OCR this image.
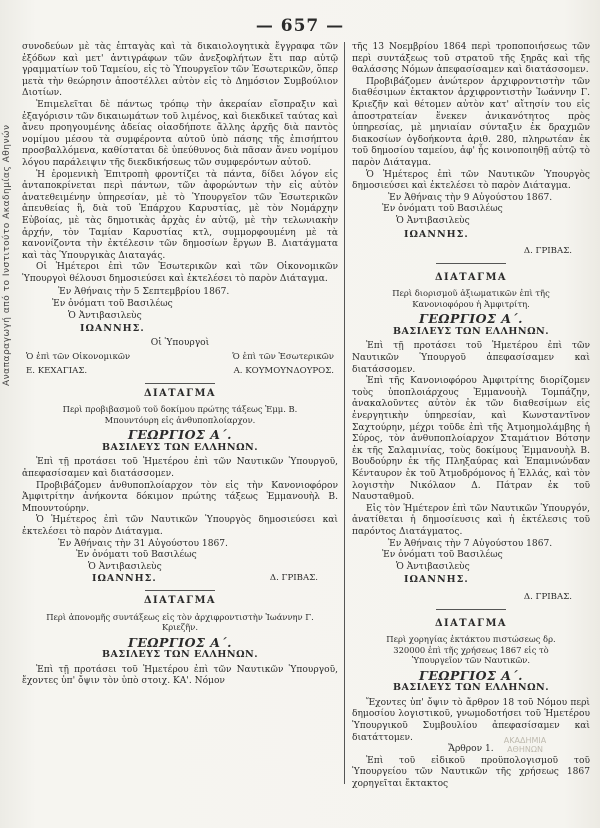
— 657 —
Αναπαραγωγή από το Ινστιτούτο Ακαδημίας Αθηνών

συνοδεύων μὲ τὰς ἐπταγὰς καὶ τὰ δικαιολογητικὰ ἔγγραφα τῶν ἐξόδων καὶ μετ' ἀντιγράφων τῶν ἀνεξοφλήτων ἔτι παρ αὐτῷ γραμματίων τοῦ Ταμείου, εἰς τὸ Ὑπουργεῖον τῶν Ἐσωτερικῶν, ὅπερ μετὰ τὴν θεώρησιν ἀποστέλλει αὐτὸν εἰς τὸ Δημόσιον Συμβούλιον Διοτίων.

Ἐπιμελεῖται δὲ πάντως τρόπῳ τὴν ἀκεραίαν εἴσπραξιν καὶ ἐξαγόρισιν τῶν δικαιωμάτων τοῦ λιμένος, καὶ διεκδικεῖ ταύτας καὶ ἄνευ προηγουμένης ἀδείας οἱασδήποτε ἄλλης ἀρχῆς διὰ παντὸς νομίμου μέσου τὰ συμφέροντα αὐτοῦ ὑπὸ πάσης τῆς ἐπισήπτου προσβαλλόμενα, καθίσταται δὲ ὑπεύθυνος διὰ πᾶσαν ἄνευ νομίμου λόγου παράλειψιν τῆς διεκδικήσεως τῶν συμφερόντων αὐτοῦ.

Ἡ ἐρομενικὴ Ἐπιτροπὴ φροντίζει τὰ πάντα, δίδει λόγον εἰς ἀνταποκρίνεται περὶ πάντων, τῶν ἀφορώντων τὴν εἰς αὐτὸν ἀνατεθειμένην ὑπηρεσίαν, μὲ τὸ Ὑπουργεῖον τῶν Ἐσωτερικῶν ἀπευθείας ἢ, διὰ τοῦ Ἐπάρχου Καρυστίας, μὲ τὸν Νομάρχην Εὐβοίας, μὲ τὰς δημοτικὰς ἀρχὰς ἐν αὐτῷ, μὲ τὴν τελωνιακὴν ἀρχήν, τὸν Ταμίαν Καρυστίας κτλ, συμμορφουμένη μὲ τὰ κανονίζοντα τὴν ἐκτέλεσιν τῶν δημοσίων ἔργων Β. Διατάγματα καὶ τὰς Ὑπουργικὰς Διαταγάς.

Οἱ Ἡμέτεροι ἐπὶ τῶν Ἐσωτερικῶν καὶ τῶν Οἰκονομικῶν Ὑπουργοὶ θέλουσι δημοσιεύσει καὶ ἐκτελέσει τὸ παρὸν Διάταγμα.

Ἐν Ἀθήναις τὴν 5 Σεπτεμβρίου 1867.

Ἐν ὀνόματι τοῦ Βασιλέως
Ὁ Ἀντιβασιλεὺς
ΙΩΑΝΝΗΣ.
Οἱ Ὑπουργοὶ
Ὁ ἐπὶ τῶν Οἰκονομικῶν	Ὁ ἐπὶ τῶν Ἐσωτερικῶν
Ε. ΚΕΧΑΓΙΑΣ.	Α. ΚΟΥΜΟΥΝΔΟΥΡΟΣ.
ΔΙΑΤΑΓΜΑ
Περὶ προβιβασμοῦ τοῦ δοκίμου πρώτης τάξεως Ἐμμ. Β. Μπουντόυρη εἰς ἀνθυποπλοίαρχον.
ΓΕΩΡΓΙΟΣ Α΄.
ΒΑΣΙΛΕΥΣ ΤΩΝ ΕΛΛΗΝΩΝ.

Ἐπὶ τῇ προτάσει τοῦ Ἡμετέρου ἐπὶ τῶν Ναυτικῶν Ὑπουργοῦ, ἀπεφασίσαμεν καὶ διατάσσομεν.

Προβιβάζομεν ἀνθυποπλοίαρχον τὸν εἰς τὴν Κανονιοφόρον Ἀμφιτρίτην ἀνήκοντα δόκιμον πρώτης τάξεως Ἐμμανουὴλ Β. Μπουντούρην.

Ὁ Ἡμέτερος ἐπὶ τῶν Ναυτικῶν Ὑπουργὸς δημοσιεύσει καὶ ἐκτελέσει τὸ παρὸν Διάταγμα.

Ἐν Ἀθήναις τὴν 31 Αὐγούστου 1867.

Ἐν ὀνόματι τοῦ Βασιλέως
Ὁ Ἀντιβασιλεὺς
ΙΩΑΝΝΗΣ.	Δ. ΓΡΙΒΑΣ.
ΔΙΑΤΑΓΜΑ
Περὶ ἀπονομῆς συντάξεως εἰς τὸν ἀρχιφροντιστὴν Ἰωάννην Γ. Κριεζῆν.
ΓΕΩΡΓΙΟΣ Α΄.
ΒΑΣΙΛΕΥΣ ΤΩΝ ΕΛΛΗΝΩΝ.

Ἐπὶ τῇ προτάσει τοῦ Ἡμετέρου ἐπὶ τῶν Ναυτικῶν Ὑπουργοῦ, ἔχοντες ὑπ' ὄψιν τὸν ὑπὸ στοιχ. ΚΑ'. Νόμον

τῆς 13 Νοεμβρίου 1864 περὶ τροποποιήσεως τῶν περὶ συντάξεως τοῦ στρατοῦ τῆς ξηρᾶς καὶ τῆς θαλάσσης Νόμων ἀπεφασίσαμεν καὶ διατάσσομεν.

Προβιβάζομεν ἀνώτερον ἀρχιφροντιστὴν τῶν διαθέσιμων ἐκτακτον ἀρχιφροντιστὴν Ἰωάννην Γ. Κριεζῆν καὶ θέτομεν αὐτὸν κατ' αἴτησίν του εἰς ἀποστρατείαν ἕνεκεν ἀνικανότητος πρὸς ὑπηρεσίας, μὲ μηνιαίαν σύνταξιν ἐκ δραχμῶν διακοσίων ὀγδοήκοντα ἀριθ. 280, πληρωτέαν ἐκ τοῦ δημοσίου ταμείου, ἀφ' ἧς κοινοποιηθῇ αὐτῷ τὸ παρὸν Διάταγμα.

Ὁ Ἡμέτερος ἐπὶ τῶν Ναυτικῶν Ὑπουργὸς δημοσιεύσει καὶ ἐκτελέσει τὸ παρὸν Διάταγμα.

Ἐν Ἀθήναις τὴν 9 Αὐγούστου 1867.

Ἐν ὀνόματι τοῦ Βασιλέως
Ὁ Ἀντιβασιλεὺς
ΙΩΑΝΝΗΣ.
Δ. ΓΡΙΒΑΣ.
ΔΙΑΤΑΓΜΑ
Περὶ διορισμοῦ ἀξιωματικῶν ἐπὶ τῆς Κανονιοφόρου ἡ Ἀμφιτρίτη.
ΓΕΩΡΓΙΟΣ Α΄.
ΒΑΣΙΛΕΥΣ ΤΩΝ ΕΛΛΗΝΩΝ.

Ἐπὶ τῇ προτάσει τοῦ Ἡμετέρου ἐπὶ τῶν Ναυτικῶν Ὑπουργοῦ ἀπεφασίσαμεν καὶ διατάσσομεν.

Ἐπὶ τῆς Κανονιοφόρου Ἀμφιτρίτης διορίζομεν τοὺς ὑποπλοιάρχους Ἐμμανουὴλ Τομπάζην, ἀνακαλοῦντες αὐτὸν ἐκ τῶν διαθεσίμων εἰς ἐνεργητικὴν ὑπηρεσίαν, καὶ Κωνσταντῖνον Σαχτούρην, μέχρι τοῦδε ἐπὶ τῆς Ἀτμοημολάμβης ἡ Σύρος, τὸν ἀνθυποπλοίαρχον Σταμάτιον Βότσην ἐκ τῆς Σαλαμινίας, τοὺς δοκίμους Ἐμμανουὴλ Β. Βουδούρην ἐκ τῆς Πληξαύρας καὶ Ἐπαμινώνδαν Κένταυρον ἐκ τοῦ Ἀτμοδρόμονος ἡ Ἑλλάς, καὶ τὸν λογιστὴν Νικόλαον Δ. Πάτραν ἐκ τοῦ Ναυσταθμοῦ.

Εἰς τὸν Ἡμέτερον ἐπὶ τῶν Ναυτικῶν Ὑπουργόν, ἀνατίθεται ἡ δημοσίευσις καὶ ἡ ἐκτέλεσις τοῦ παρόντος Διατάγματος.

Ἐν Ἀθήναις τὴν 7 Αὐγούστου 1867.

Ἐν ὀνόματι τοῦ Βασιλέως
Ὁ Ἀντιβασιλεὺς
ΙΩΑΝΝΗΣ.
Δ. ΓΡΙΒΑΣ.
ΔΙΑΤΑΓΜΑ
Περὶ χορηγίας ἐκτάκτου πιστώσεως δρ. 320000 ἐπὶ τῆς χρήσεως 1867 εἰς τὸ Ὑπουργεῖον τῶν Ναυτικῶν.
ΓΕΩΡΓΙΟΣ Α΄.
ΒΑΣΙΛΕΥΣ ΤΩΝ ΕΛΛΗΝΩΝ.

Ἔχοντες ὑπ' ὄψιν τὸ ἄρθρον 18 τοῦ Νόμου περὶ δημοσίου λογιστικοῦ, γνωμοδοτήσει τοῦ Ἡμετέρου Ὑπουργικοῦ Συμβουλίου ἀπεφασίσαμεν καὶ διατάττομεν.

Ἄρθρον 1.

Ἐπὶ τοῦ εἰδικοῦ προϋπολογισμοῦ τοῦ Ὑπουργείου τῶν Ναυτικῶν τῆς χρήσεως 1867 χορηγεῖται ἔκτακτος

ΑΚΑΔΗΜΙΑ ΑΘΗΝΩΝ
